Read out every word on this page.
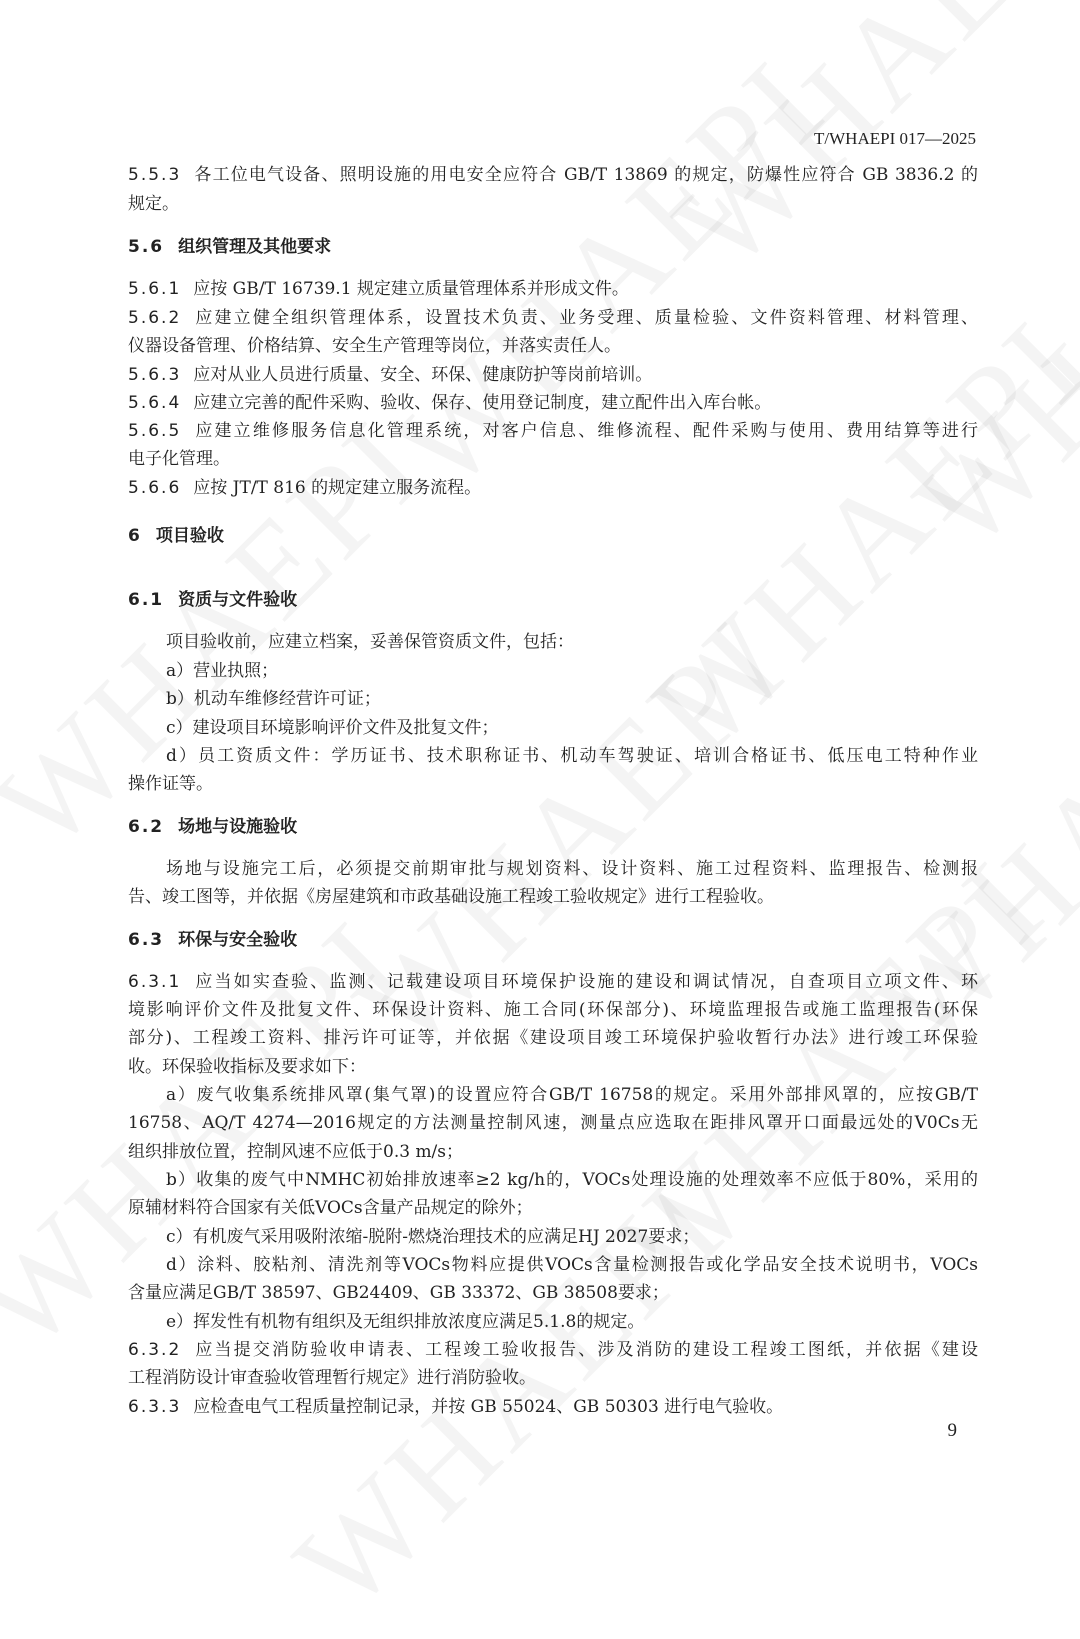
T/WHAEPI 017—2025
5.5.3 各工位电气设备、照明设施的用电安全应符合 GB/T 13869 的规定，防爆性应符合 GB 3836.2 的
规定。
5.6 组织管理及其他要求
5.6.1 应按 GB/T 16739.1 规定建立质量管理体系并形成文件。
5.6.2 应建立健全组织管理体系，设置技术负责、业务受理、质量检验、文件资料管理、材料管理、
仪器设备管理、价格结算、安全生产管理等岗位，并落实责任人。
5.6.3 应对从业人员进行质量、安全、环保、健康防护等岗前培训。
5.6.4 应建立完善的配件采购、验收、保存、使用登记制度，建立配件出入库台帐。
5.6.5 应建立维修服务信息化管理系统，对客户信息、维修流程、配件采购与使用、费用结算等进行
电子化管理。
5.6.6 应按 JT/T 816 的规定建立服务流程。
6 项目验收
6.1 资质与文件验收
项目验收前，应建立档案，妥善保管资质文件，包括：
a）营业执照；
b）机动车维修经营许可证；
c）建设项目环境影响评价文件及批复文件；
d）员工资质文件：学历证书、技术职称证书、机动车驾驶证、培训合格证书、低压电工特种作业
操作证等。
6.2 场地与设施验收
场地与设施完工后，必须提交前期审批与规划资料、设计资料、施工过程资料、监理报告、检测报
告、竣工图等，并依据《房屋建筑和市政基础设施工程竣工验收规定》进行工程验收。
6.3 环保与安全验收
6.3.1 应当如实查验、监测、记载建设项目环境保护设施的建设和调试情况，自查项目立项文件、环
境影响评价文件及批复文件、环保设计资料、施工合同(环保部分)、环境监理报告或施工监理报告(环保
部分)、工程竣工资料、排污许可证等，并依据《建设项目竣工环境保护验收暂行办法》进行竣工环保验
收。环保验收指标及要求如下：
a）废气收集系统排风罩(集气罩)的设置应符合GB/T 16758的规定。采用外部排风罩的，应按GB/T
16758、AQ/T 4274—2016规定的方法测量控制风速，测量点应选取在距排风罩开口面最远处的V0Cs无
组织排放位置，控制风速不应低于0.3 m/s；
b）收集的废气中NMHC初始排放速率≥2 kg/h的，VOCs处理设施的处理效率不应低于80%，采用的
原辅材料符合国家有关低VOCs含量产品规定的除外；
c）有机废气采用吸附浓缩-脱附-燃烧治理技术的应满足HJ 2027要求；
d）涂料、胶粘剂、清洗剂等VOCs物料应提供VOCs含量检测报告或化学品安全技术说明书，VOCs
含量应满足GB/T 38597、GB24409、GB 33372、GB 38508要求；
e）挥发性有机物有组织及无组织排放浓度应满足5.1.8的规定。
6.3.2 应当提交消防验收申请表、工程竣工验收报告、涉及消防的建设工程竣工图纸，并依据《建设
工程消防设计审查验收管理暂行规定》进行消防验收。
6.3.3 应检查电气工程质量控制记录，并按 GB 55024、GB 50303 进行电气验收。
9
